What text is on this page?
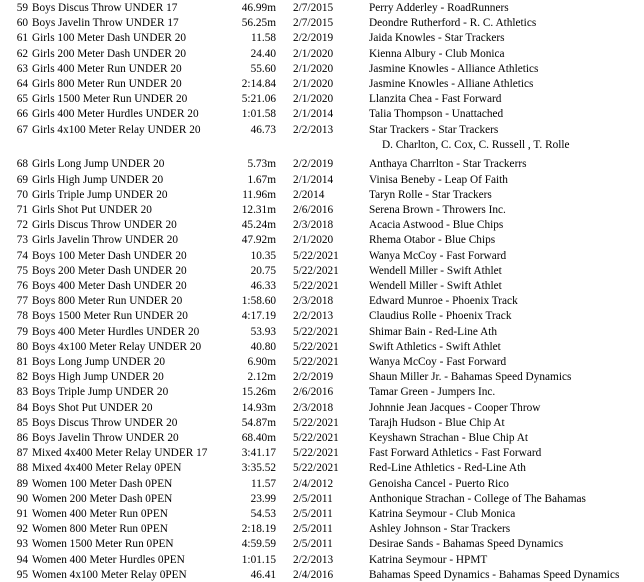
59 Boys Discus Throw UNDER 17	46.99m 2/7/2015	Perry Adderley - RoadRunners
60 Boys Javelin Throw UNDER 17	56.25m 2/7/2015	Deondre Rutherford - R. C. Athletics
61 Girls 100 Meter Dash UNDER 20	11.58 2/2/2019	Jaida Knowles - Star Trackers
62 Girls 200 Meter Dash UNDER 20	24.40 2/1/2020	Kienna Albury - Club Monica
63 Girls 400 Meter Run UNDER 20	55.60 2/1/2020	Jasmine Knowles - Alliance Athletics
64 Girls 800 Meter Run UNDER 20	2:14.84 2/1/2020	Jasmine Knowles - Alliane Athletics
65 Girls 1500 Meter Run UNDER 20	5:21.06 2/1/2020	Llanzita Chea - Fast Forward
66 Girls 400 Meter Hurdles UNDER 20	1:01.58 2/1/2014	Talia Thompson - Unattached
67 Girls 4x100 Meter Relay UNDER 20	46.73 2/2/2013	Star Trackers - Star Trackers
D. Charlton, C. Cox, C. Russell , T. Rolle
68 Girls Long Jump UNDER 20	5.73m 2/2/2019	Anthaya Charrlton - Star Trackerrs
69 Girls High Jump UNDER 20	1.67m 2/1/2014	Vinisa Beneby - Leap Of Faith
70 Girls Triple Jump UNDER 20	11.96m 2/2014	Taryn Rolle - Star Trackers
71 Girls Shot Put UNDER 20	12.31m 2/6/2016	Serena Brown - Throwers Inc.
72 Girls Discus Throw UNDER 20	45.24m 2/3/2018	Acacia Astwood - Blue Chips
73 Girls Javelin Throw UNDER 20	47.92m 2/1/2020	Rhema Otabor - Blue Chips
74 Boys 100 Meter Dash UNDER 20	10.35 5/22/2021	Wanya McCoy - Fast Forward
75 Boys 200 Meter Dash UNDER 20	20.75 5/22/2021	Wendell Miller - Swift Athlet
76 Boys 400 Meter Dash UNDER 20	46.33 5/22/2021	Wendell Miller - Swift Athlet
77 Boys 800 Meter Run UNDER 20	1:58.60 2/3/2018	Edward Munroe - Phoenix Track
78 Boys 1500 Meter Run UNDER 20	4:17.19 2/2/2013	Claudius Rolle - Phoenix Track
79 Boys 400 Meter Hurdles UNDER 20	53.93 5/22/2021	Shimar Bain - Red-Line Ath
80 Boys 4x100 Meter Relay UNDER 20	40.80 5/22/2021	Swift Athletics - Swift Athlet
81 Boys Long Jump UNDER 20	6.90m 5/22/2021	Wanya McCoy - Fast Forward
82 Boys High Jump UNDER 20	2.12m 2/2/2019	Shaun Miller Jr. - Bahamas Speed Dynamics
83 Boys Triple Jump UNDER 20	15.26m 2/6/2016	Tamar Green - Jumpers Inc.
84 Boys Shot Put UNDER 20	14.93m 2/3/2018	Johnnie Jean Jacques - Cooper Throw
85 Boys Discus Throw UNDER 20	54.87m 5/22/2021	Tarajh Hudson - Blue Chip At
86 Boys Javelin Throw UNDER 20	68.40m 5/22/2021	Keyshawn Strachan - Blue Chip At
87 Mixed 4x400 Meter Relay UNDER 17	3:41.17 5/22/2021	Fast Forward Athletics - Fast Forward
88 Mixed 4x400 Meter Relay 0PEN	3:35.52 5/22/2021	Red-Line Athletics - Red-Line Ath
89 Women 100 Meter Dash 0PEN	11.57 2/4/2012	Genoisha Cancel - Puerto Rico
90 Women 200 Meter Dash 0PEN	23.99 2/5/2011	Anthonique Strachan - College of The Bahamas
91 Women 400 Meter Run 0PEN	54.53 2/5/2011	Katrina Seymour - Club Monica
92 Women 800 Meter Run 0PEN	2:18.19 2/5/2011	Ashley Johnson - Star Trackers
93 Women 1500 Meter Run 0PEN	4:59.59 2/5/2011	Desirae Sands - Bahamas Speed Dynamics
94 Women 400 Meter Hurdles 0PEN	1:01.15 2/2/2013	Katrina Seymour - HPMT
95 Women 4x100 Meter Relay 0PEN	46.41 2/4/2016	Bahamas Speed Dynamics - Bahamas Speed Dynamics
